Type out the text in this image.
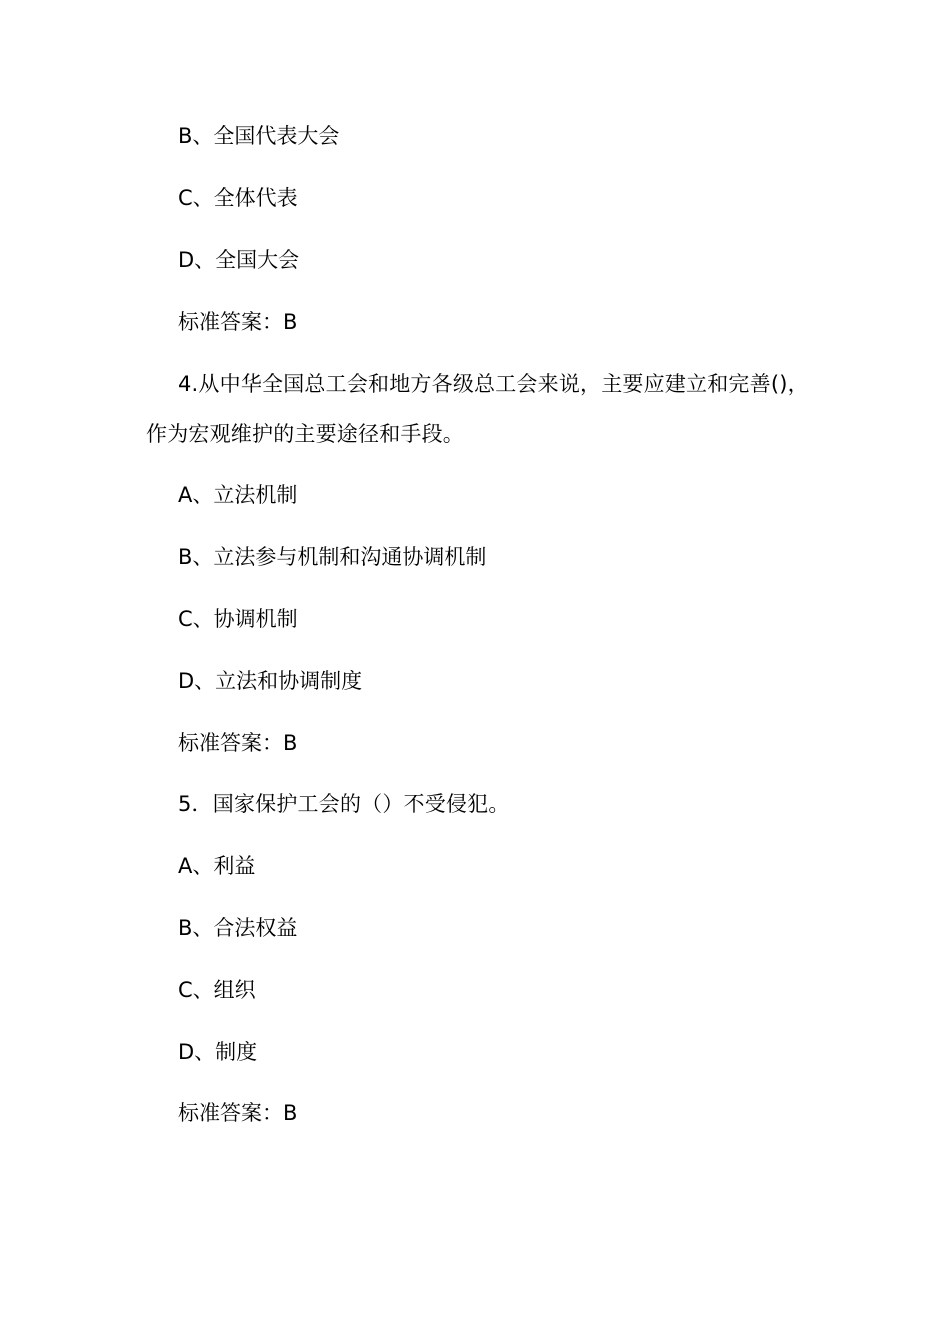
B、全国代表大会
C、全体代表
D、全国大会
标准答案：B
4.从中华全国总工会和地方各级总工会来说，主要应建立和完善()，
作为宏观维护的主要途径和手段。
A、立法机制
B、立法参与机制和沟通协调机制
C、协调机制
D、立法和协调制度
标准答案：B
5．国家保护工会的（）不受侵犯。
A、利益
B、合法权益
C、组织
D、制度
标准答案：B
